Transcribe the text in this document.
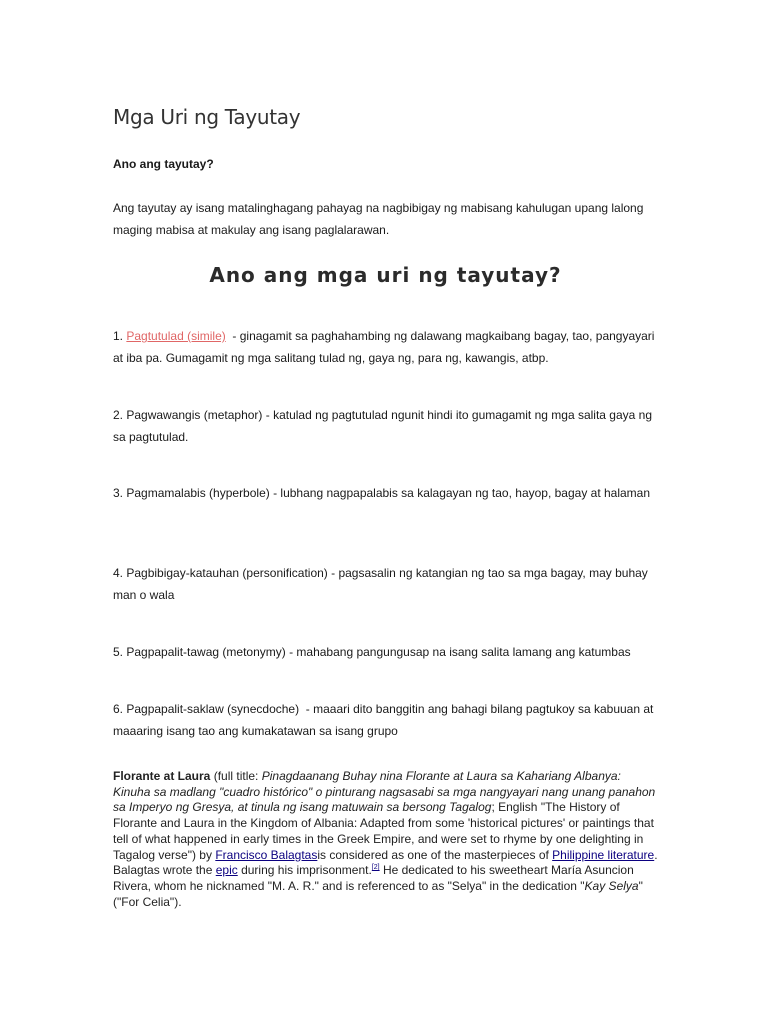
Mga Uri ng Tayutay
Ano ang tayutay?

Ang tayutay ay isang matalinghagang pahayag na nagbibigay ng mabisang kahulugan upang lalong maging mabisa at makulay ang isang paglalarawan.

Ano ang mga uri ng tayutay?

1. Pagtutulad (simile)  - ginagamit sa paghahambing ng dalawang magkaibang bagay, tao, pangyayari at iba pa. Gumagamit ng mga salitang tulad ng, gaya ng, para ng, kawangis, atbp.

2. Pagwawangis (metaphor) - katulad ng pagtutulad ngunit hindi ito gumagamit ng mga salita gaya ng sa pagtutulad.

3. Pagmamalabis (hyperbole) - lubhang nagpapalabis sa kalagayan ng tao, hayop, bagay at halaman

4. Pagbibigay-katauhan (personification) - pagsasalin ng katangian ng tao sa mga bagay, may buhay man o wala

5. Pagpapalit-tawag (metonymy) - mahabang pangungusap na isang salita lamang ang katumbas

6. Pagpapalit-saklaw (synecdoche)  - maaari dito banggitin ang bahagi bilang pagtukoy sa kabuuan at maaaring isang tao ang kumakatawan sa isang grupo

Florante at Laura (full title: Pinagdaanang Buhay nina Florante at Laura sa Kahariang Albanya: Kinuha sa madlang "cuadro histórico" o pinturang nagsasabi sa mga nangyayari nang unang panahon sa Imperyo ng Gresya, at tinula ng isang matuwain sa bersong Tagalog; English "The History of Florante and Laura in the Kingdom of Albania: Adapted from some 'historical pictures' or paintings that tell of what happened in early times in the Greek Empire, and were set to rhyme by one delighting in Tagalog verse") by Francisco Balagtasis considered as one of the masterpieces of Philippine literature. Balagtas wrote the epic during his imprisonment.[2] He dedicated to his sweetheart María Asuncion Rivera, whom he nicknamed "M. A. R." and is referenced to as "Selya" in the dedication "Kay Selya" ("For Celia").
